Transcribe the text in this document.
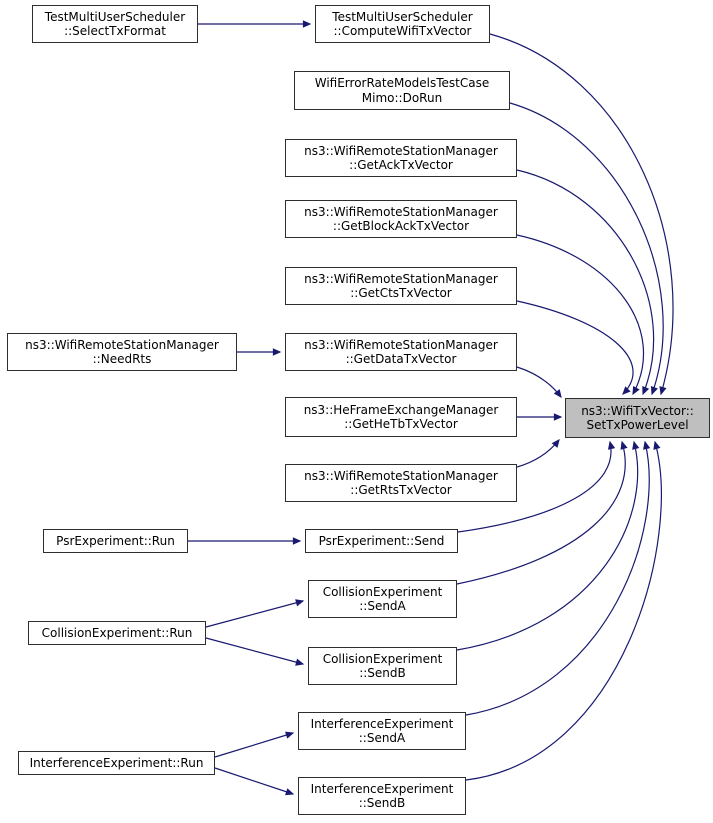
TestMultiUserScheduler
::SelectTxFormat
TestMultiUserScheduler
::ComputeWifiTxVector
WifiErrorRateModelsTestCase
Mimo::DoRun
ns3::WifiRemoteStationManager
::GetAckTxVector
ns3::WifiRemoteStationManager
::GetBlockAckTxVector
ns3::WifiRemoteStationManager
::GetCtsTxVector
ns3::WifiRemoteStationManager
::NeedRts
ns3::WifiRemoteStationManager
::GetDataTxVector
ns3::HeFrameExchangeManager
::GetHeTbTxVector
ns3::WifiRemoteStationManager
::GetRtsTxVector
PsrExperiment::Run	PsrExperiment::Send
CollisionExperiment::Run
CollisionExperiment
::SendA
CollisionExperiment
::SendB
InterferenceExperiment::Run
InterferenceExperiment
::SendA
InterferenceExperiment
::SendB
ns3::WifiTxVector::
SetTxPowerLevel
